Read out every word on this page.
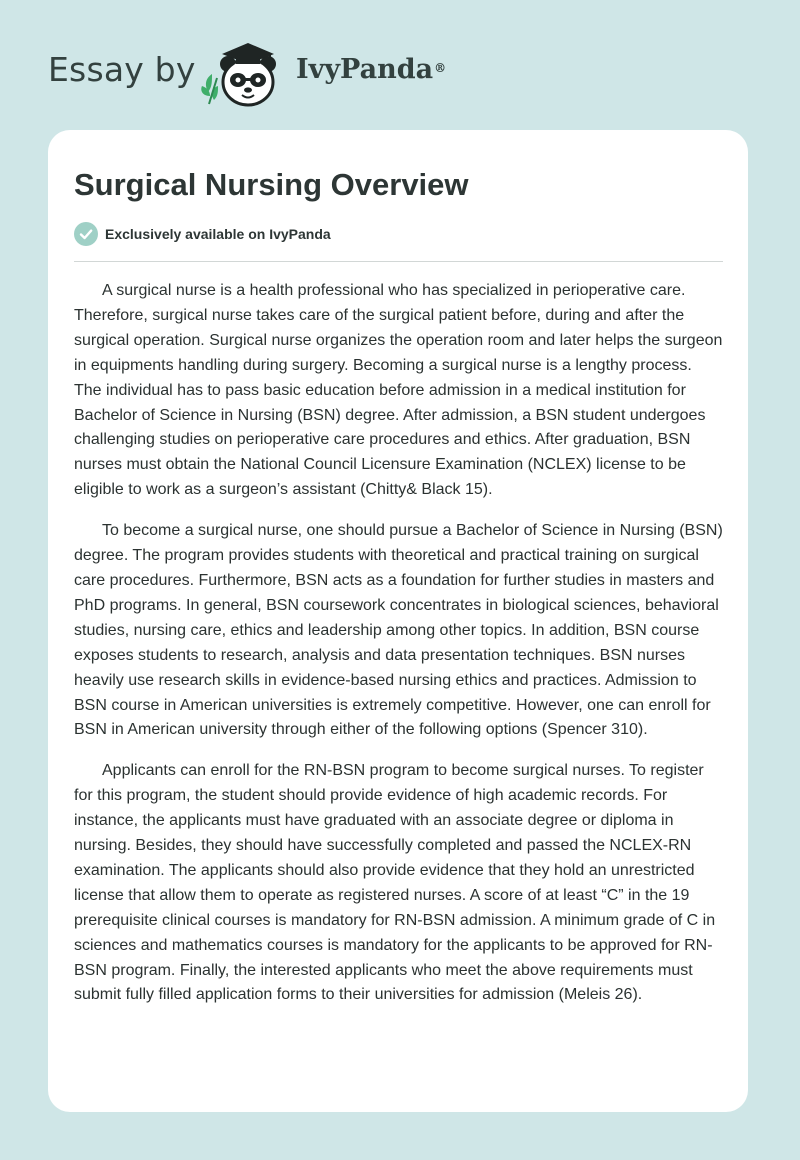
Essay by	IvyPanda®
Surgical Nursing Overview
Exclusively available on IvyPanda

A surgical nurse is a health professional who has specialized in perioperative care. Therefore, surgical nurse takes care of the surgical patient before, during and after the surgical operation. Surgical nurse organizes the operation room and later helps the surgeon in equipments handling during surgery. Becoming a surgical nurse is a lengthy process. The individual has to pass basic education before admission in a medical institution for Bachelor of Science in Nursing (BSN) degree. After admission, a BSN student undergoes challenging studies on perioperative care procedures and ethics. After graduation, BSN nurses must obtain the National Council Licensure Examination (NCLEX) license to be eligible to work as a surgeon’s assistant (Chitty& Black 15).

To become a surgical nurse, one should pursue a Bachelor of Science in Nursing (BSN) degree. The program provides students with theoretical and practical training on surgical care procedures. Furthermore, BSN acts as a foundation for further studies in masters and PhD programs. In general, BSN coursework concentrates in biological sciences, behavioral studies, nursing care, ethics and leadership among other topics. In addition, BSN course exposes students to research, analysis and data presentation techniques. BSN nurses heavily use research skills in evidence-based nursing ethics and practices. Admission to BSN course in American universities is extremely competitive. However, one can enroll for BSN in American university through either of the following options (Spencer 310).

Applicants can enroll for the RN-BSN program to become surgical nurses. To register for this program, the student should provide evidence of high academic records. For instance, the applicants must have graduated with an associate degree or diploma in nursing. Besides, they should have successfully completed and passed the NCLEX-RN examination. The applicants should also provide evidence that they hold an unrestricted license that allow them to operate as registered nurses. A score of at least “C” in the 19 prerequisite clinical courses is mandatory for RN-BSN admission. A minimum grade of C in sciences and mathematics courses is mandatory for the applicants to be approved for RN-BSN program. Finally, the interested applicants who meet the above requirements must submit fully filled application forms to their universities for admission (Meleis 26).
